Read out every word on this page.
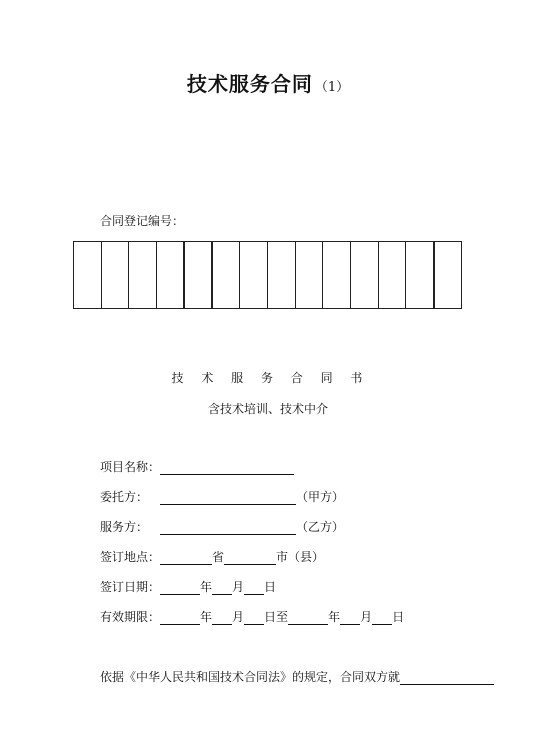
技术服务合同 （1）
合同登记编号：

技 术 服 务 合 同 书
含技术培训、技术中介
项目名称：
委托方：	（甲方）
服务方：	（乙方）
签订地点：	省	市（县）
签订日期：	年 月 日
有效期限：	年 月 日至	年 月 日
依据《中华人民共和国技术合同法》的规定，合同双方就
